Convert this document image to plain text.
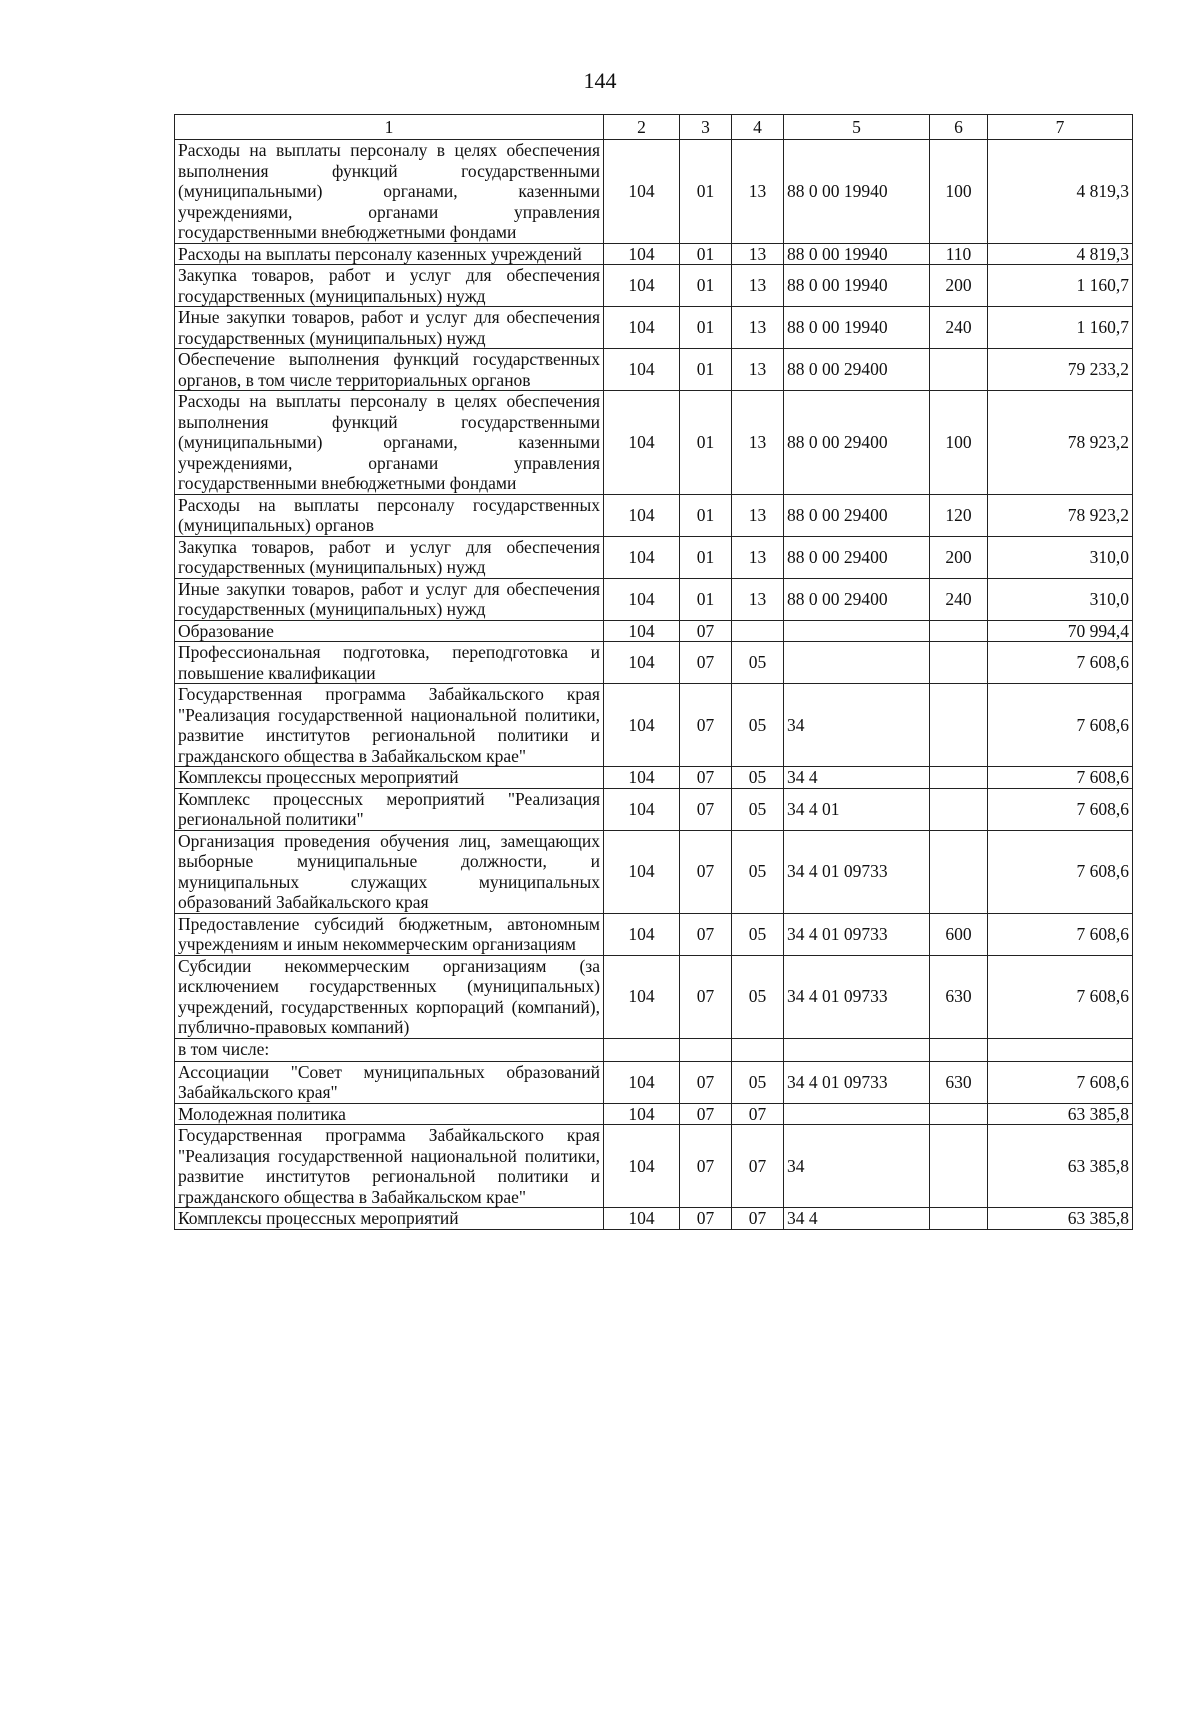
144
1	2	3	4	5	6	7
Расходы на выплаты персоналу в целях обеспечения выполнения функций государственными (муниципальными) органами, казенными учреждениями, органами управления государственными внебюджетными фондами	104	01	13	88 0 00 19940	100	4 819,3
Расходы на выплаты персоналу казенных учреждений	104	01	13	88 0 00 19940	110	4 819,3
Закупка товаров, работ и услуг для обеспечения государственных (муниципальных) нужд	104	01	13	88 0 00 19940	200	1 160,7
Иные закупки товаров, работ и услуг для обеспечения государственных (муниципальных) нужд	104	01	13	88 0 00 19940	240	1 160,7
Обеспечение выполнения функций государственных органов, в том числе территориальных органов	104	01	13	88 0 00 29400		79 233,2
Расходы на выплаты персоналу в целях обеспечения выполнения функций государственными (муниципальными) органами, казенными учреждениями, органами управления государственными внебюджетными фондами	104	01	13	88 0 00 29400	100	78 923,2
Расходы на выплаты персоналу государственных (муниципальных) органов	104	01	13	88 0 00 29400	120	78 923,2
Закупка товаров, работ и услуг для обеспечения государственных (муниципальных) нужд	104	01	13	88 0 00 29400	200	310,0
Иные закупки товаров, работ и услуг для обеспечения государственных (муниципальных) нужд	104	01	13	88 0 00 29400	240	310,0
Образование	104	07				70 994,4
Профессиональная подготовка, переподготовка и повышение квалификации	104	07	05			7 608,6
Государственная программа Забайкальского края "Реализация государственной национальной политики, развитие институтов региональной политики и гражданского общества в Забайкальском крае"	104	07	05	34		7 608,6
Комплексы процессных мероприятий	104	07	05	34 4		7 608,6
Комплекс процессных мероприятий "Реализация региональной политики"	104	07	05	34 4 01		7 608,6
Организация проведения обучения лиц, замещающих выборные муниципальные должности, и муниципальных служащих муниципальных образований Забайкальского края	104	07	05	34 4 01 09733		7 608,6
Предоставление субсидий бюджетным, автономным учреждениям и иным некоммерческим организациям	104	07	05	34 4 01 09733	600	7 608,6
Субсидии некоммерческим организациям (за исключением государственных (муниципальных) учреждений, государственных корпораций (компаний), публично-правовых компаний)	104	07	05	34 4 01 09733	630	7 608,6
в том числе:						
Ассоциации "Совет муниципальных образований Забайкальского края"	104	07	05	34 4 01 09733	630	7 608,6
Молодежная политика	104	07	07			63 385,8
Государственная программа Забайкальского края "Реализация государственной национальной политики, развитие институтов региональной политики и гражданского общества в Забайкальском крае"	104	07	07	34		63 385,8
Комплексы процессных мероприятий	104	07	07	34 4		63 385,8
